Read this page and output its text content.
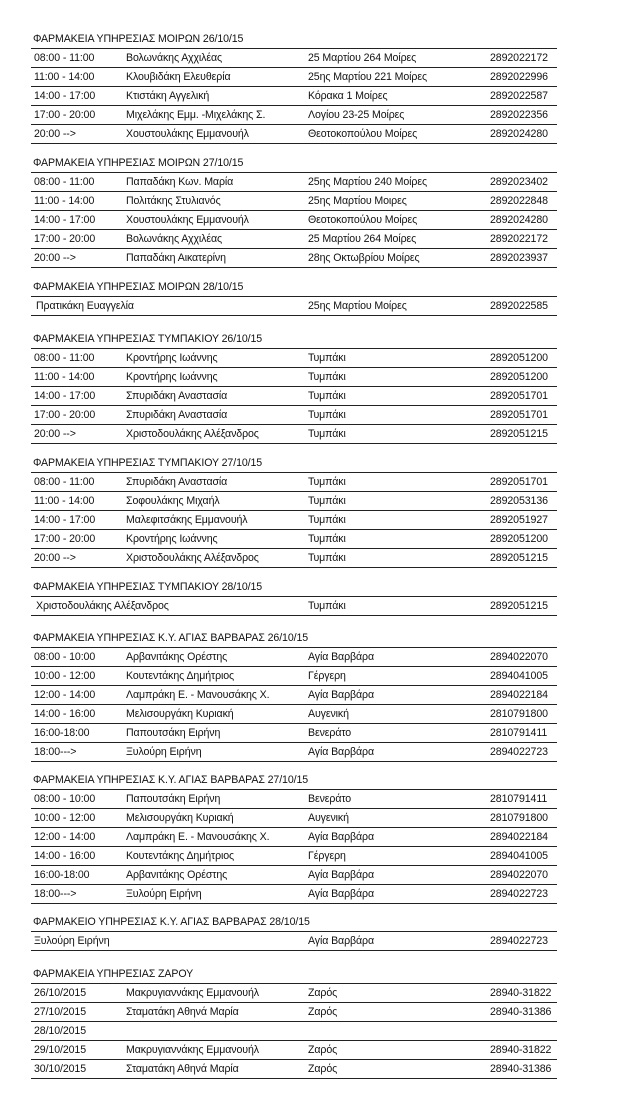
ΦΑΡΜΑΚΕΙΑ ΥΠΗΡΕΣΙΑΣ ΜΟΙΡΩΝ 26/10/15
08:00 - 11:00	Βολωνάκης Αχχιλέας	25 Μαρτίου 264 Μοίρες	2892022172
11:00 - 14:00	Κλουβιδάκη Ελευθερία	25ης Μαρτίου 221 Μοίρες	2892022996
14:00 - 17:00	Κτιστάκη Αγγελική	Κόρακα 1 Μοίρες	2892022587
17:00 - 20:00	Μιχελάκης Εμμ. -Μιχελάκης Σ.	Λογίου 23-25 Μοίρες	2892022356
20:00 -->	Χουστουλάκης Εμμανουήλ	Θεοτοκοπούλου Μοίρες	2892024280
ΦΑΡΜΑΚΕΙΑ ΥΠΗΡΕΣΙΑΣ ΜΟΙΡΩΝ 27/10/15
08:00 - 11:00	Παπαδάκη Κων. Μαρία	25ης Μαρτίου 240 Μοίρες	2892023402
11:00 - 14:00	Πολιτάκης Στυλιανός	25ης Μαρτίου Μοιρες	2892022848
14:00 - 17:00	Χουστουλάκης Εμμανουήλ	Θεοτοκοπούλου Μοίρες	2892024280
17:00 - 20:00	Βολωνάκης Αχχιλέας	25 Μαρτίου 264 Μοίρες	2892022172
20:00 -->	Παπαδάκη Αικατερίνη	28ης Οκτωβρίου Μοίρες	2892023937
ΦΑΡΜΑΚΕΙΑ ΥΠΗΡΕΣΙΑΣ ΜΟΙΡΩΝ 28/10/15
Πρατικάκη Ευαγγελία	25ης Μαρτίου Μοίρες	2892022585
ΦΑΡΜΑΚΕΙΑ ΥΠΗΡΕΣΙΑΣ ΤΥΜΠΑΚΙΟΥ 26/10/15
08:00 - 11:00	Κροντήρης Ιωάννης	Τυμπάκι	2892051200
11:00 - 14:00	Κροντήρης Ιωάννης	Τυμπάκι	2892051200
14:00 - 17:00	Σπυριδάκη Αναστασία	Τυμπάκι	2892051701
17:00 - 20:00	Σπυριδάκη Αναστασία	Τυμπάκι	2892051701
20:00 -->	Χριστοδουλάκης Αλέξανδρος	Τυμπάκι	2892051215
ΦΑΡΜΑΚΕΙΑ ΥΠΗΡΕΣΙΑΣ ΤΥΜΠΑΚΙΟΥ 27/10/15
08:00 - 11:00	Σπυριδάκη Αναστασία	Τυμπάκι	2892051701
11:00 - 14:00	Σοφουλάκης Μιχαήλ	Τυμπάκι	2892053136
14:00 - 17:00	Μαλεφιτσάκης Εμμανουήλ	Τυμπάκι	2892051927
17:00 - 20:00	Κροντήρης Ιωάννης	Τυμπάκι	2892051200
20:00 -->	Χριστοδουλάκης Αλέξανδρος	Τυμπάκι	2892051215
ΦΑΡΜΑΚΕΙΑ ΥΠΗΡΕΣΙΑΣ ΤΥΜΠΑΚΙΟΥ 28/10/15
Χριστοδουλάκης Αλέξανδρος	Τυμπάκι	2892051215
ΦΑΡΜΑΚΕΙΑ ΥΠΗΡΕΣΙΑΣ Κ.Υ. ΑΓΙΑΣ ΒΑΡΒΑΡΑΣ 26/10/15
08:00 - 10:00	Αρβανιτάκης Ορέστης	Αγία Βαρβάρα	2894022070
10:00 - 12:00	Κουτεντάκης Δημήτριος	Γέργερη	2894041005
12:00 - 14:00	Λαμπράκη Ε. - Μανουσάκης Χ.	Αγία Βαρβάρα	2894022184
14:00 - 16:00	Μελισουργάκη Κυριακή	Αυγενική	2810791800
16:00-18:00	Παπουτσάκη Ειρήνη	Βενεράτο	2810791411
18:00--->	Ξυλούρη Ειρήνη	Αγία Βαρβάρα	2894022723
ΦΑΡΜΑΚΕΙΑ ΥΠΗΡΕΣΙΑΣ Κ.Υ. ΑΓΙΑΣ ΒΑΡΒΑΡΑΣ 27/10/15
08:00 - 10:00	Παπουτσάκη Ειρήνη	Βενεράτο	2810791411
10:00 - 12:00	Μελισουργάκη Κυριακή	Αυγενική	2810791800
12:00 - 14:00	Λαμπράκη Ε. - Μανουσάκης Χ.	Αγία Βαρβάρα	2894022184
14:00 - 16:00	Κουτεντάκης Δημήτριος	Γέργερη	2894041005
16:00-18:00	Αρβανιτάκης Ορέστης	Αγία Βαρβάρα	2894022070
18:00--->	Ξυλούρη Ειρήνη	Αγία Βαρβάρα	2894022723
ΦΑΡΜΑΚΕΙΟ ΥΠΗΡΕΣΙΑΣ Κ.Υ. ΑΓΙΑΣ ΒΑΡΒΑΡΑΣ 28/10/15
Ξυλούρη Ειρήνη	Αγία Βαρβάρα	2894022723
ΦΑΡΜΑΚΕΙΑ ΥΠΗΡΕΣΙΑΣ ΖΑΡΟΥ
26/10/2015	Μακρυγιαννάκης Εμμανουήλ	Ζαρός	28940-31822
27/10/2015	Σταματάκη Αθηνά Μαρία	Ζαρός	28940-31386
28/10/2015
29/10/2015	Μακρυγιαννάκης Εμμανουήλ	Ζαρός	28940-31822
30/10/2015	Σταματάκη Αθηνά Μαρία	Ζαρός	28940-31386
